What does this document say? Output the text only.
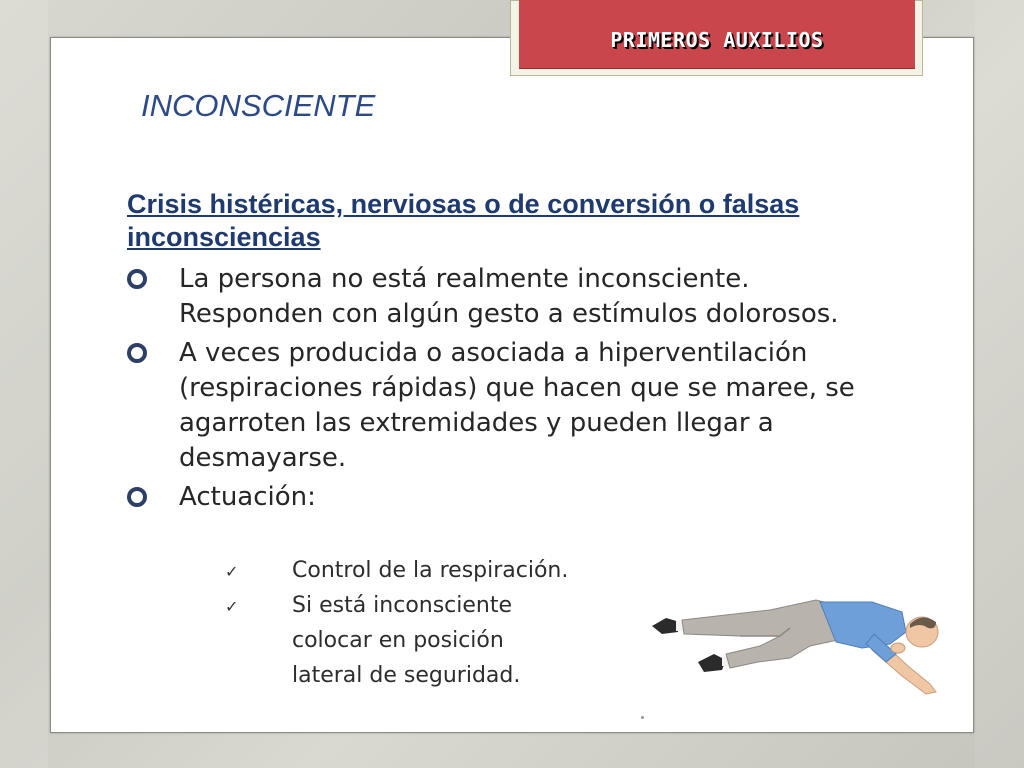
PRIMEROS AUXILIOS
INCONSCIENTE

Crisis histéricas, nerviosas o de conversión o falsas inconsciencias

La persona no está realmente inconsciente. Responden con algún gesto a estímulos dolorosos.
A veces producida o asociada a hiperventilación (respiraciones rápidas) que hacen que se maree, se agarroten las extremidades y pueden llegar a desmayarse.
Actuación:
✓ Control de la respiración.
✓ Si está inconsciente colocar en posición lateral de seguridad.
